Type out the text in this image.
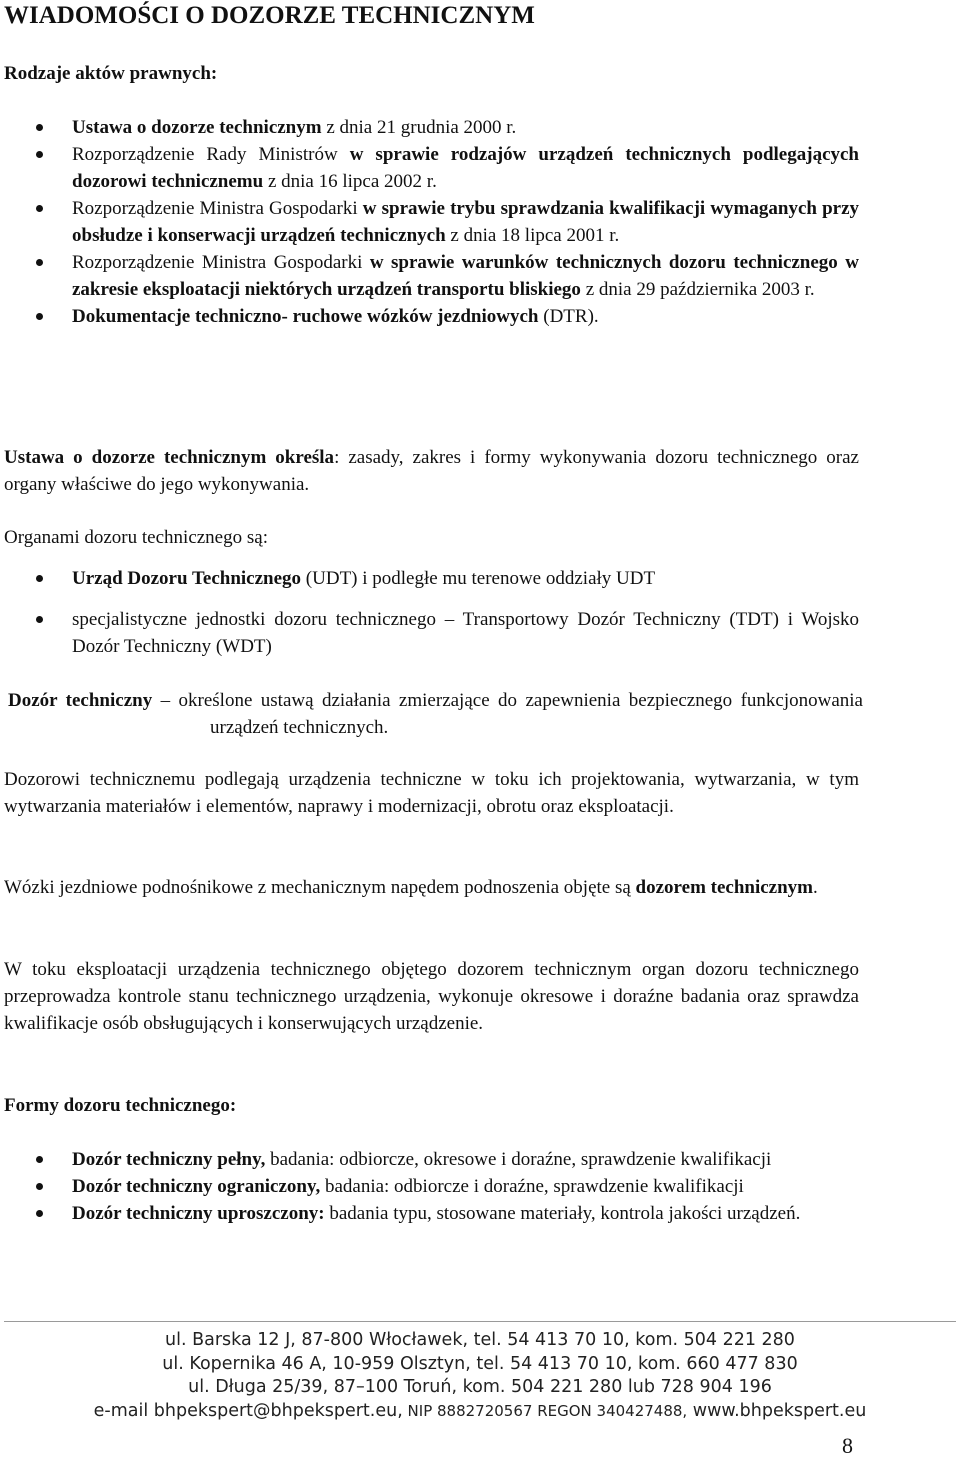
WIADOMOŚCI O DOZORZE TECHNICZNYM

Rodzaje aktów prawnych:

Ustawa o dozorze technicznym z dnia 21 grudnia 2000 r.
Rozporządzenie Rady Ministrów w sprawie rodzajów urządzeń technicznych podlegających dozorowi technicznemu z dnia 16 lipca 2002 r.
Rozporządzenie Ministra Gospodarki w sprawie trybu sprawdzania kwalifikacji wymaganych przy obsłudze i konserwacji urządzeń technicznych z dnia 18 lipca 2001 r.
Rozporządzenie Ministra Gospodarki w sprawie warunków technicznych dozoru technicznego w zakresie eksploatacji niektórych urządzeń transportu bliskiego z dnia 29 października 2003 r.
Dokumentacje techniczno- ruchowe wózków jezdniowych (DTR).

Ustawa o dozorze technicznym określa: zasady, zakres i formy wykonywania dozoru technicznego oraz organy właściwe do jego wykonywania.

Organami dozoru technicznego są:

Urząd Dozoru Technicznego (UDT) i podległe mu terenowe oddziały UDT
specjalistyczne jednostki dozoru technicznego – Transportowy Dozór Techniczny (TDT) i Wojsko Dozór Techniczny (WDT)

Dozór techniczny – określone ustawą działania zmierzające do zapewnienia bezpiecznego funkcjonowania urządzeń technicznych.

Dozorowi technicznemu podlegają urządzenia techniczne w toku ich projektowania, wytwarzania, w tym wytwarzania materiałów i elementów, naprawy i modernizacji, obrotu oraz eksploatacji.

Wózki jezdniowe podnośnikowe z mechanicznym napędem podnoszenia objęte są dozorem technicznym.

W toku eksploatacji urządzenia technicznego objętego dozorem technicznym organ dozoru technicznego przeprowadza kontrole stanu technicznego urządzenia, wykonuje okresowe i doraźne badania oraz sprawdza kwalifikacje osób obsługujących i konserwujących urządzenie.

Formy dozoru technicznego:

Dozór techniczny pełny, badania: odbiorcze, okresowe i doraźne, sprawdzenie kwalifikacji
Dozór techniczny ograniczony, badania: odbiorcze i doraźne, sprawdzenie kwalifikacji
Dozór techniczny uproszczony: badania typu, stosowane materiały, kontrola jakości urządzeń.
ul. Barska 12 J, 87-800 Włocławek, tel. 54 413 70 10, kom. 504 221 280
ul. Kopernika 46 A, 10-959 Olsztyn, tel. 54 413 70 10, kom. 660 477 830
ul. Długa 25/39, 87–100 Toruń, kom. 504 221 280 lub 728 904 196
e-mail bhpekspert@bhpekspert.eu, NIP 8882720567 REGON 340427488, www.bhpekspert.eu
8
